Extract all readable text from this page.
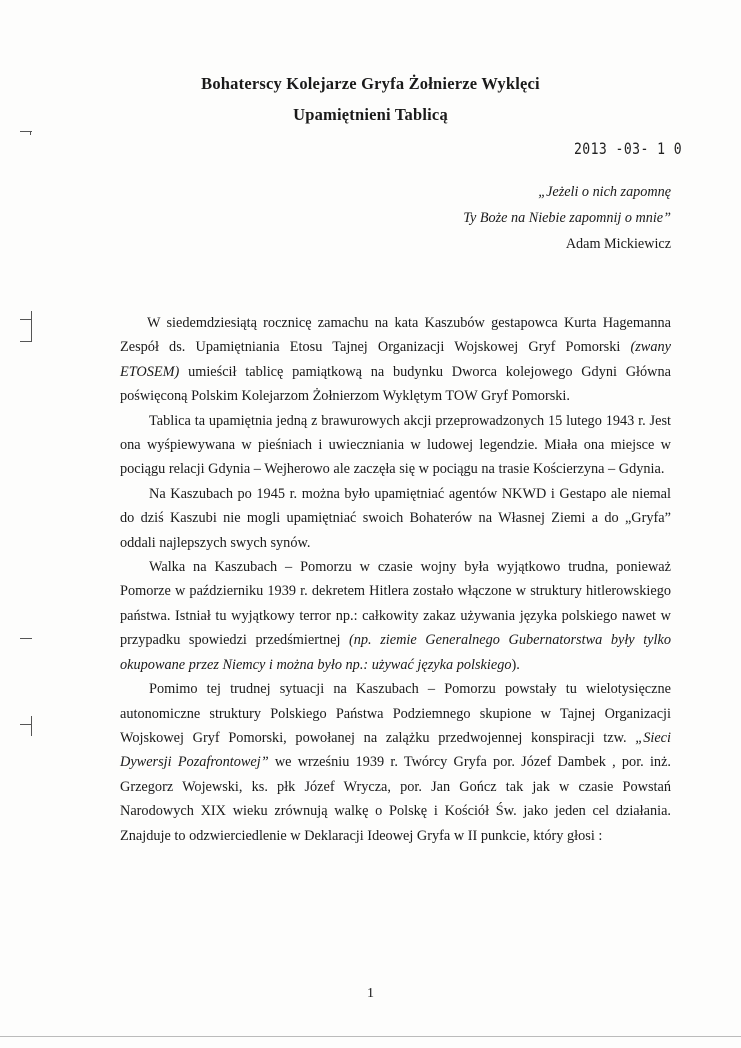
Bohaterscy Kolejarze Gryfa Żołnierze Wyklęci
Upamiętnieni Tablicą
2013 -03- 1 0
„Jeżeli o nich zapomnę
Ty Boże na Niebie zapomnij o mnie”
Adam Mickiewicz

W siedemdziesiątą rocznicę zamachu na kata Kaszubów gestapowca Kurta Hagemanna Zespół ds. Upamiętniania Etosu Tajnej Organizacji Wojskowej Gryf Pomorski (zwany ETOSEM) umieścił tablicę pamiątkową na budynku Dworca kolejowego Gdyni Główna poświęconą Polskim Kolejarzom Żołnierzom Wyklętym TOW Gryf Pomorski.

Tablica ta upamiętnia jedną z brawurowych akcji przeprowadzonych 15 lutego 1943 r. Jest ona wyśpiewywana w pieśniach i uwieczniania w ludowej legendzie. Miała ona miejsce w pociągu relacji Gdynia – Wejherowo ale zaczęła się w pociągu na trasie Kościerzyna – Gdynia.

Na Kaszubach po 1945 r. można było upamiętniać agentów NKWD i Gestapo ale niemal do dziś Kaszubi nie mogli upamiętniać swoich Bohaterów na Własnej Ziemi a do „Gryfa” oddali najlepszych swych synów.

Walka na Kaszubach – Pomorzu w czasie wojny była wyjątkowo trudna, ponieważ Pomorze w październiku 1939 r. dekretem Hitlera zostało włączone w struktury hitlerowskiego państwa. Istniał tu wyjątkowy terror np.: całkowity zakaz używania języka polskiego nawet w przypadku spowiedzi przedśmiertnej (np. ziemie Generalnego Gubernatorstwa były tylko okupowane przez Niemcy i można było np.: używać języka polskiego).

Pomimo tej trudnej sytuacji na Kaszubach – Pomorzu powstały tu wielotysięczne autonomiczne struktury Polskiego Państwa Podziemnego skupione w Tajnej Organizacji Wojskowej Gryf Pomorski, powołanej na zalążku przedwojennej konspiracji tzw. „Sieci Dywersji Pozafrontowej” we wrześniu 1939 r. Twórcy Gryfa por. Józef Dambek , por. inż. Grzegorz Wojewski, ks. płk Józef Wrycza, por. Jan Gończ tak jak w czasie Powstań Narodowych XIX wieku zrównują walkę o Polskę i Kościół Św. jako jeden cel działania. Znajduje to odzwierciedlenie w Deklaracji Ideowej Gryfa w II punkcie, który głosi :

1
